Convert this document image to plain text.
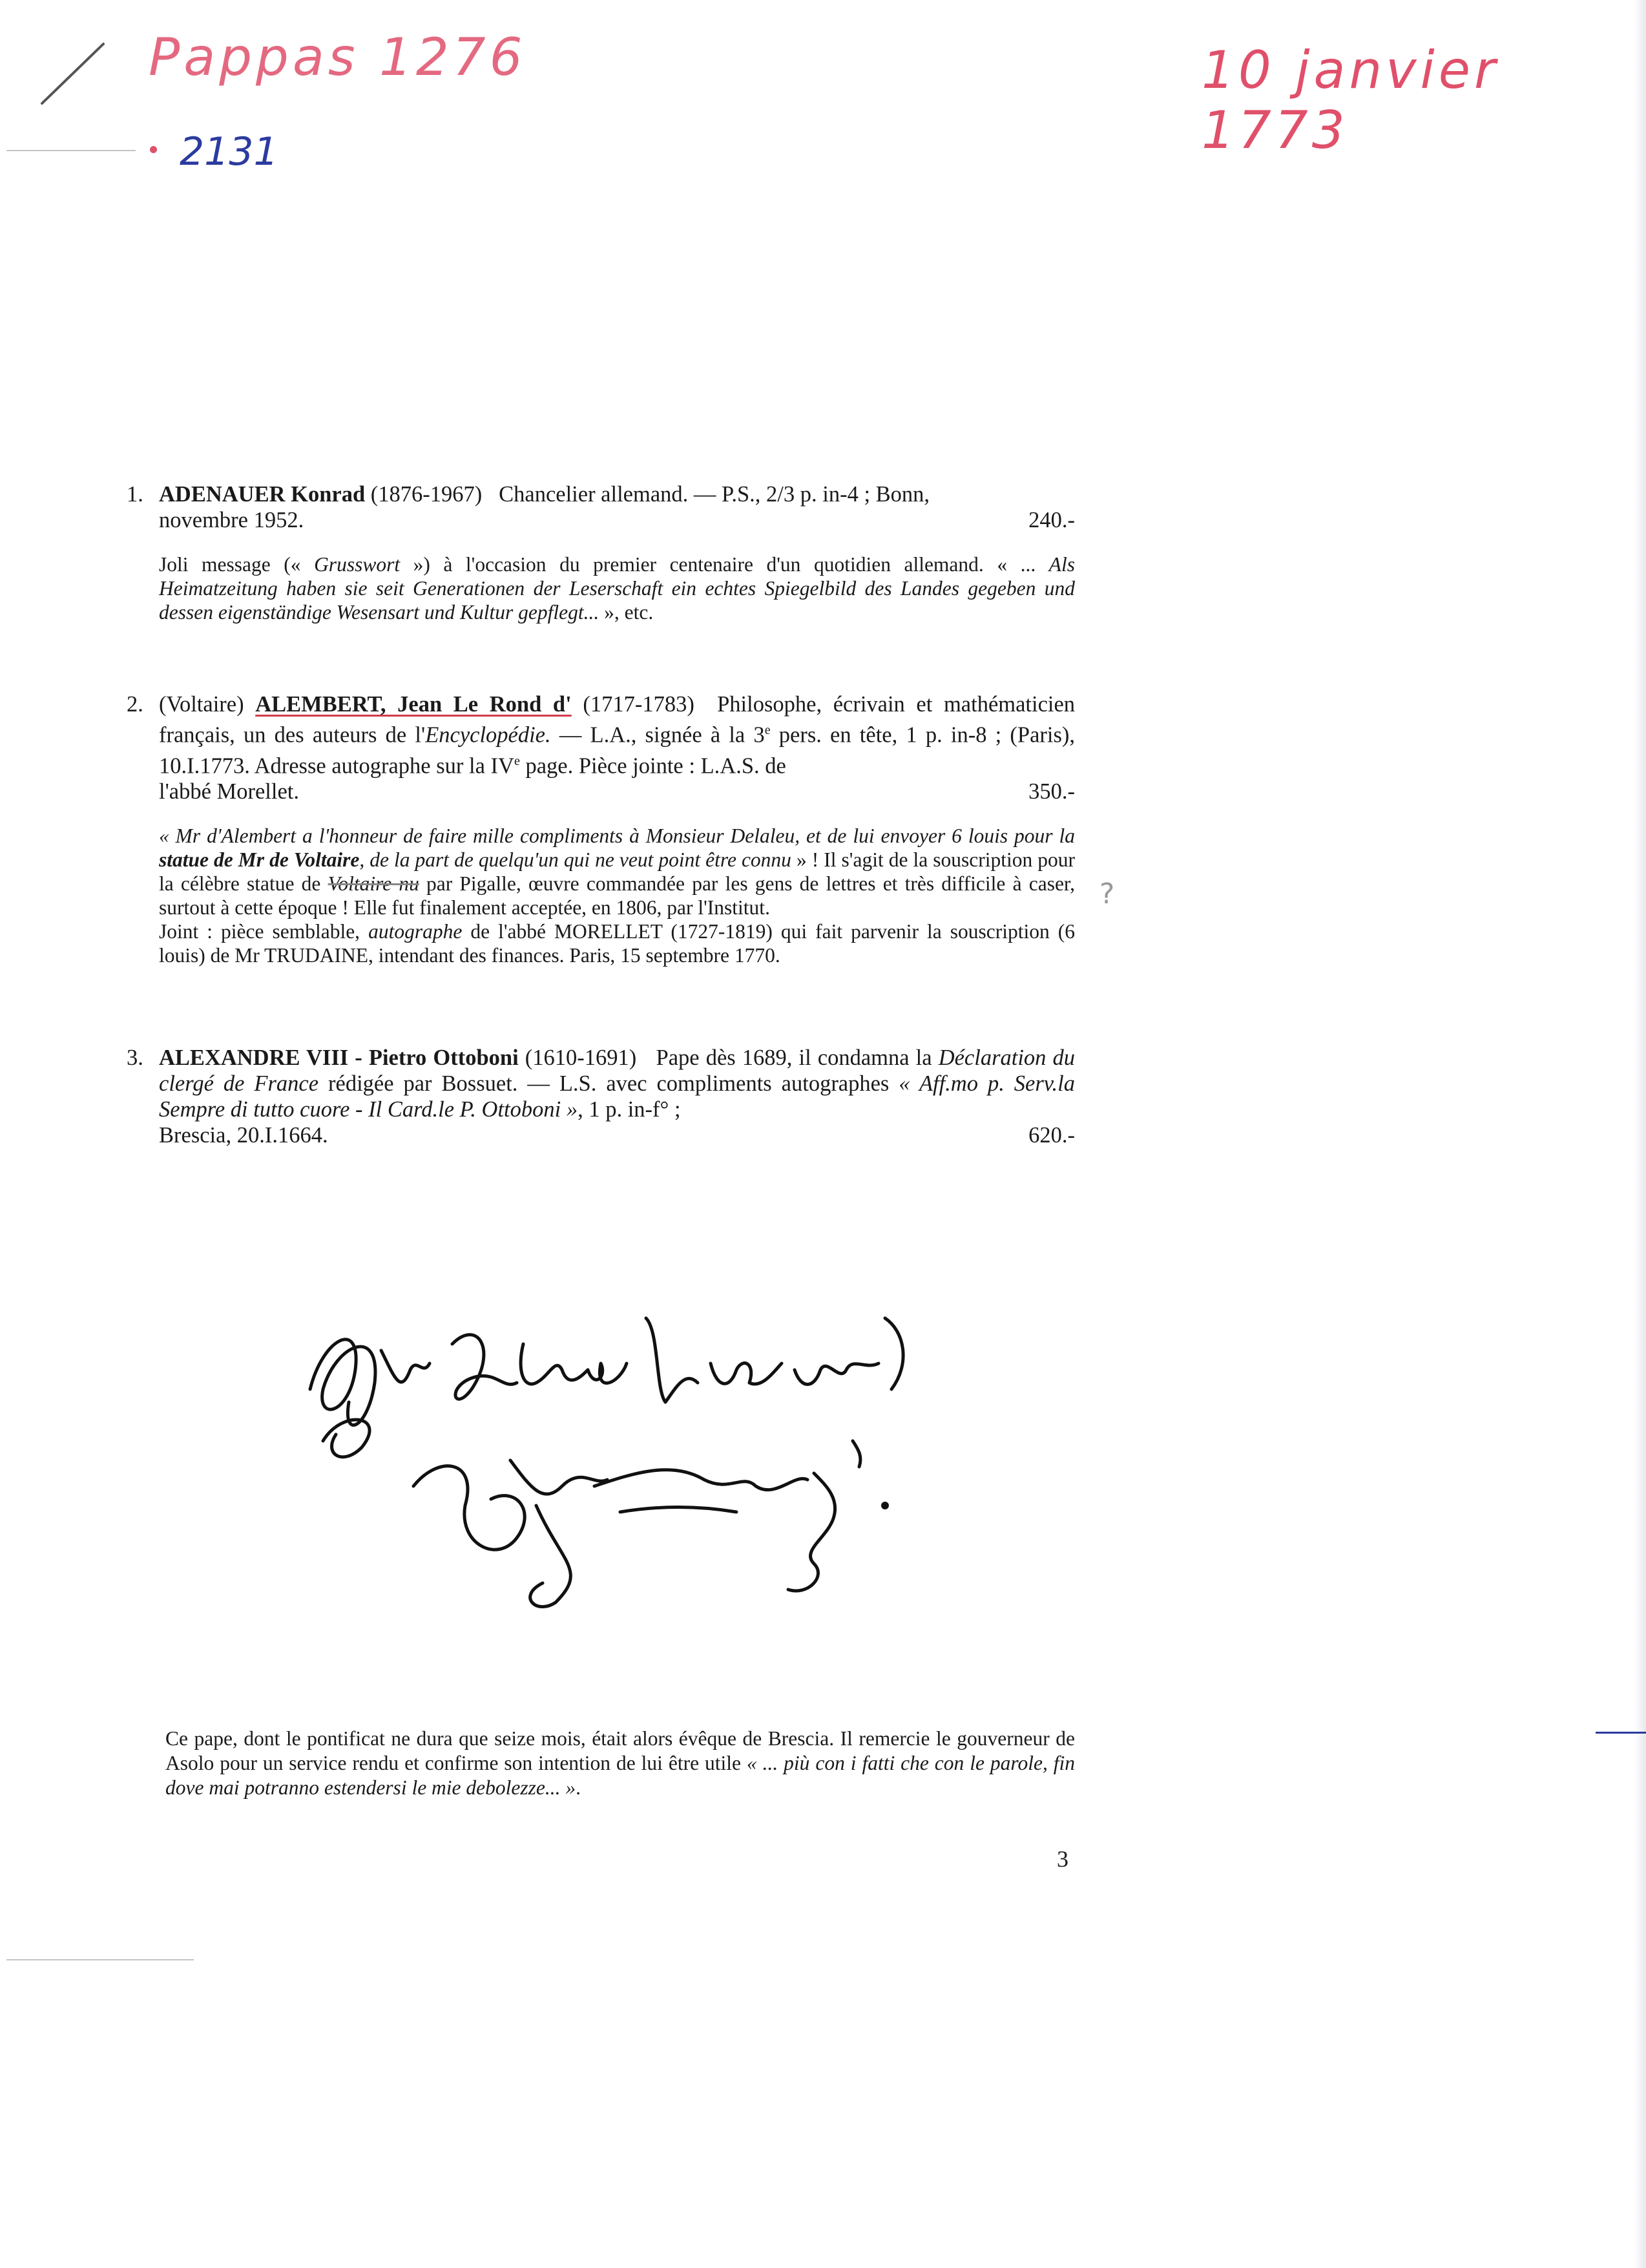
Pappas 1276	10 janvier 1773
2131
1. ADENAUER Konrad (1876-1967) Chancelier allemand. — P.S., 2/3 p. in-4 ; Bonn,
novembre 1952.	240.-
Joli message (« Grusswort ») à l'occasion du premier centenaire d'un quotidien allemand. « ... Als Heimatzeitung haben sie seit Generationen der Leserschaft ein echtes Spiegelbild des Landes gegeben und dessen eigenständige Wesensart und Kultur gepflegt... », etc.
2. (Voltaire) ALEMBERT, Jean Le Rond d' (1717-1783) Philosophe, écrivain et mathématicien français, un des auteurs de l'Encyclopédie. — L.A., signée à la 3e pers. en tête, 1 p. in-8 ; (Paris), 10.I.1773. Adresse autographe sur la IVe page. Pièce jointe : L.A.S. de
l'abbé Morellet.	350.-
« Mr d'Alembert a l'honneur de faire mille compliments à Monsieur Delaleu, et de lui envoyer 6 louis pour la statue de Mr de Voltaire, de la part de quelqu'un qui ne veut point être connu » ! Il s'agit de la souscription pour la célèbre statue de Voltaire nu par Pigalle, œuvre commandée par les gens de lettres et très difficile à caser, surtout à cette époque ! Elle fut finalement acceptée, en 1806, par l'Institut.
Joint : pièce semblable, autographe de l'abbé MORELLET (1727-1819) qui fait parvenir la souscription (6 louis) de Mr TRUDAINE, intendant des finances. Paris, 15 septembre 1770.
3. ALEXANDRE VIII - Pietro Ottoboni (1610-1691) Pape dès 1689, il condamna la Déclaration du clergé de France rédigée par Bossuet. — L.S. avec compliments autographes « Aff.mo p. Serv.la Sempre di tutto cuore - Il Card.le P. Ottoboni », 1 p. in-f° ;
Brescia, 20.I.1664.	620.-
?
Ce pape, dont le pontificat ne dura que seize mois, était alors évêque de Brescia. Il remercie le gouverneur de Asolo pour un service rendu et confirme son intention de lui être utile « ... più con i fatti che con le parole, fin dove mai potranno estendersi le mie debolezze... ».
3
